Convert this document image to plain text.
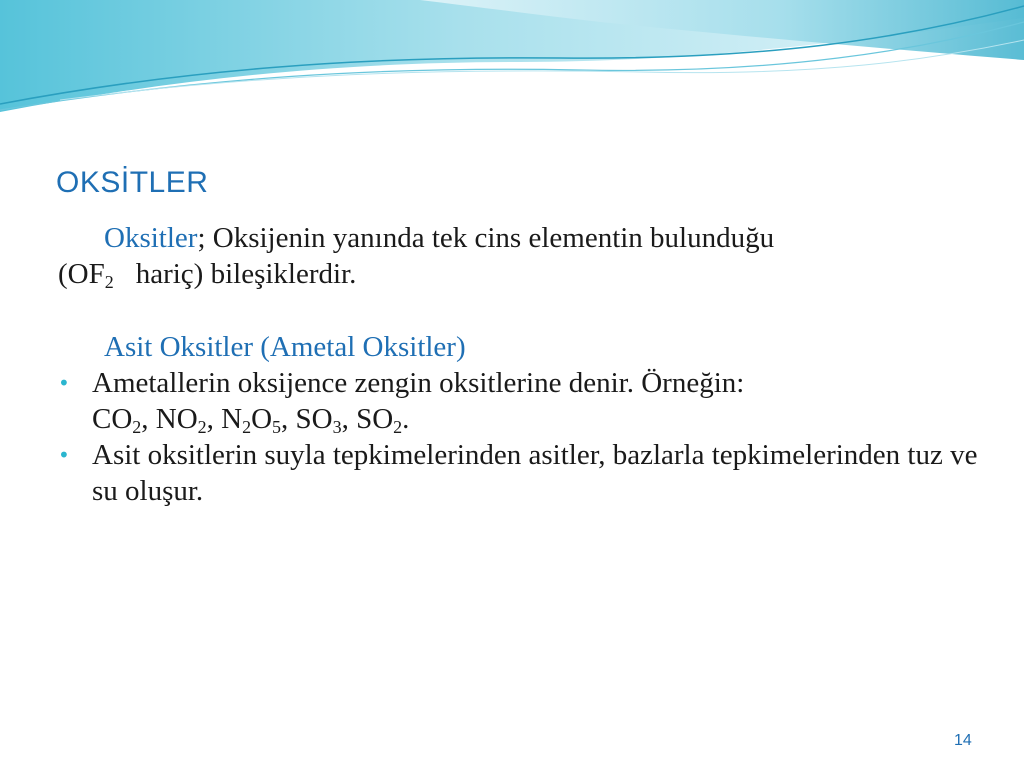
OKSİTLER

Oksitler; Oksijenin yanında tek cins elementin bulunduğu
($OF_2$ hariç) bileşiklerdir.

Asit Oksitler (Ametal Oksitler)

• Ametallerin oksijence zengin oksitlerine denir. Örneğin:
$CO_2$, $NO_2$, $N_2O_5$, $SO_3$, $SO_2$.
• Asit oksitlerin suyla tepkimelerinden asitler, bazlarla tepkimelerinden tuz ve su oluşur.
14
